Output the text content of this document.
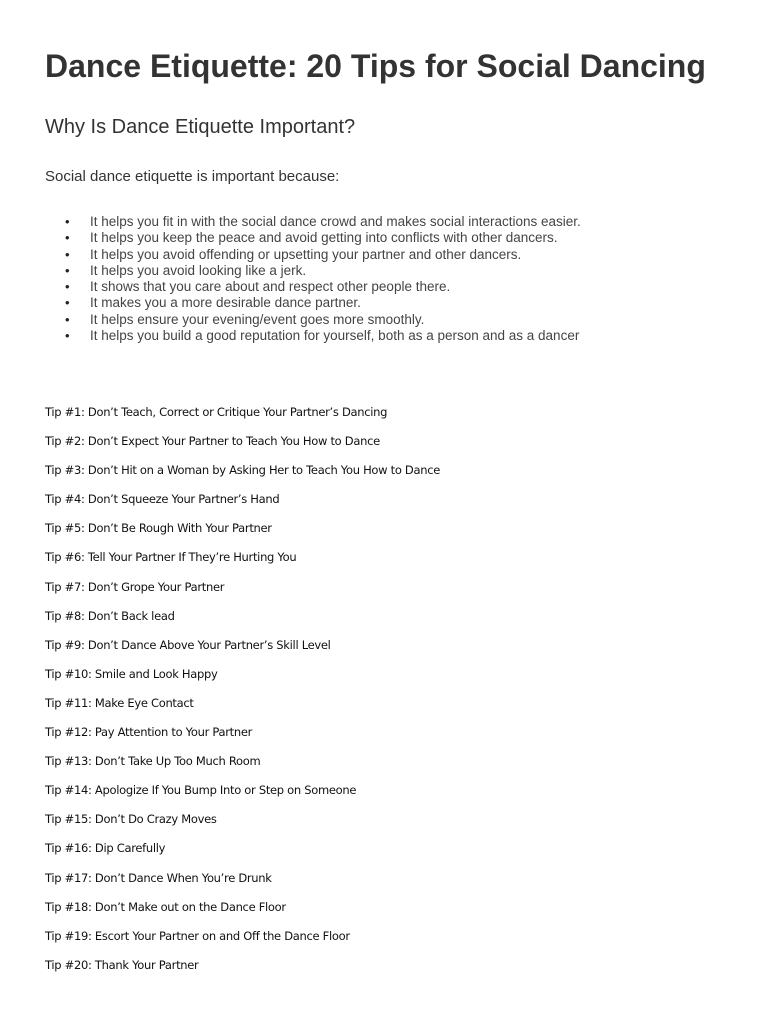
Dance Etiquette: 20 Tips for Social Dancing
Why Is Dance Etiquette Important?

Social dance etiquette is important because:

• It helps you fit in with the social dance crowd and makes social interactions easier.
• It helps you keep the peace and avoid getting into conflicts with other dancers.
• It helps you avoid offending or upsetting your partner and other dancers.
• It helps you avoid looking like a jerk.
• It shows that you care about and respect other people there.
• It makes you a more desirable dance partner.
• It helps ensure your evening/event goes more smoothly.
• It helps you build a good reputation for yourself, both as a person and as a dancer
Tip #1: Don’t Teach, Correct or Critique Your Partner’s Dancing
Tip #2: Don’t Expect Your Partner to Teach You How to Dance
Tip #3: Don’t Hit on a Woman by Asking Her to Teach You How to Dance
Tip #4: Don’t Squeeze Your Partner’s Hand
Tip #5: Don’t Be Rough With Your Partner
Tip #6: Tell Your Partner If They’re Hurting You
Tip #7: Don’t Grope Your Partner
Tip #8: Don’t Back lead
Tip #9: Don’t Dance Above Your Partner’s Skill Level
Tip #10: Smile and Look Happy
Tip #11: Make Eye Contact
Tip #12: Pay Attention to Your Partner
Tip #13: Don’t Take Up Too Much Room
Tip #14: Apologize If You Bump Into or Step on Someone
Tip #15: Don’t Do Crazy Moves
Tip #16: Dip Carefully
Tip #17: Don’t Dance When You’re Drunk
Tip #18: Don’t Make out on the Dance Floor
Tip #19: Escort Your Partner on and Off the Dance Floor
Tip #20: Thank Your Partner
